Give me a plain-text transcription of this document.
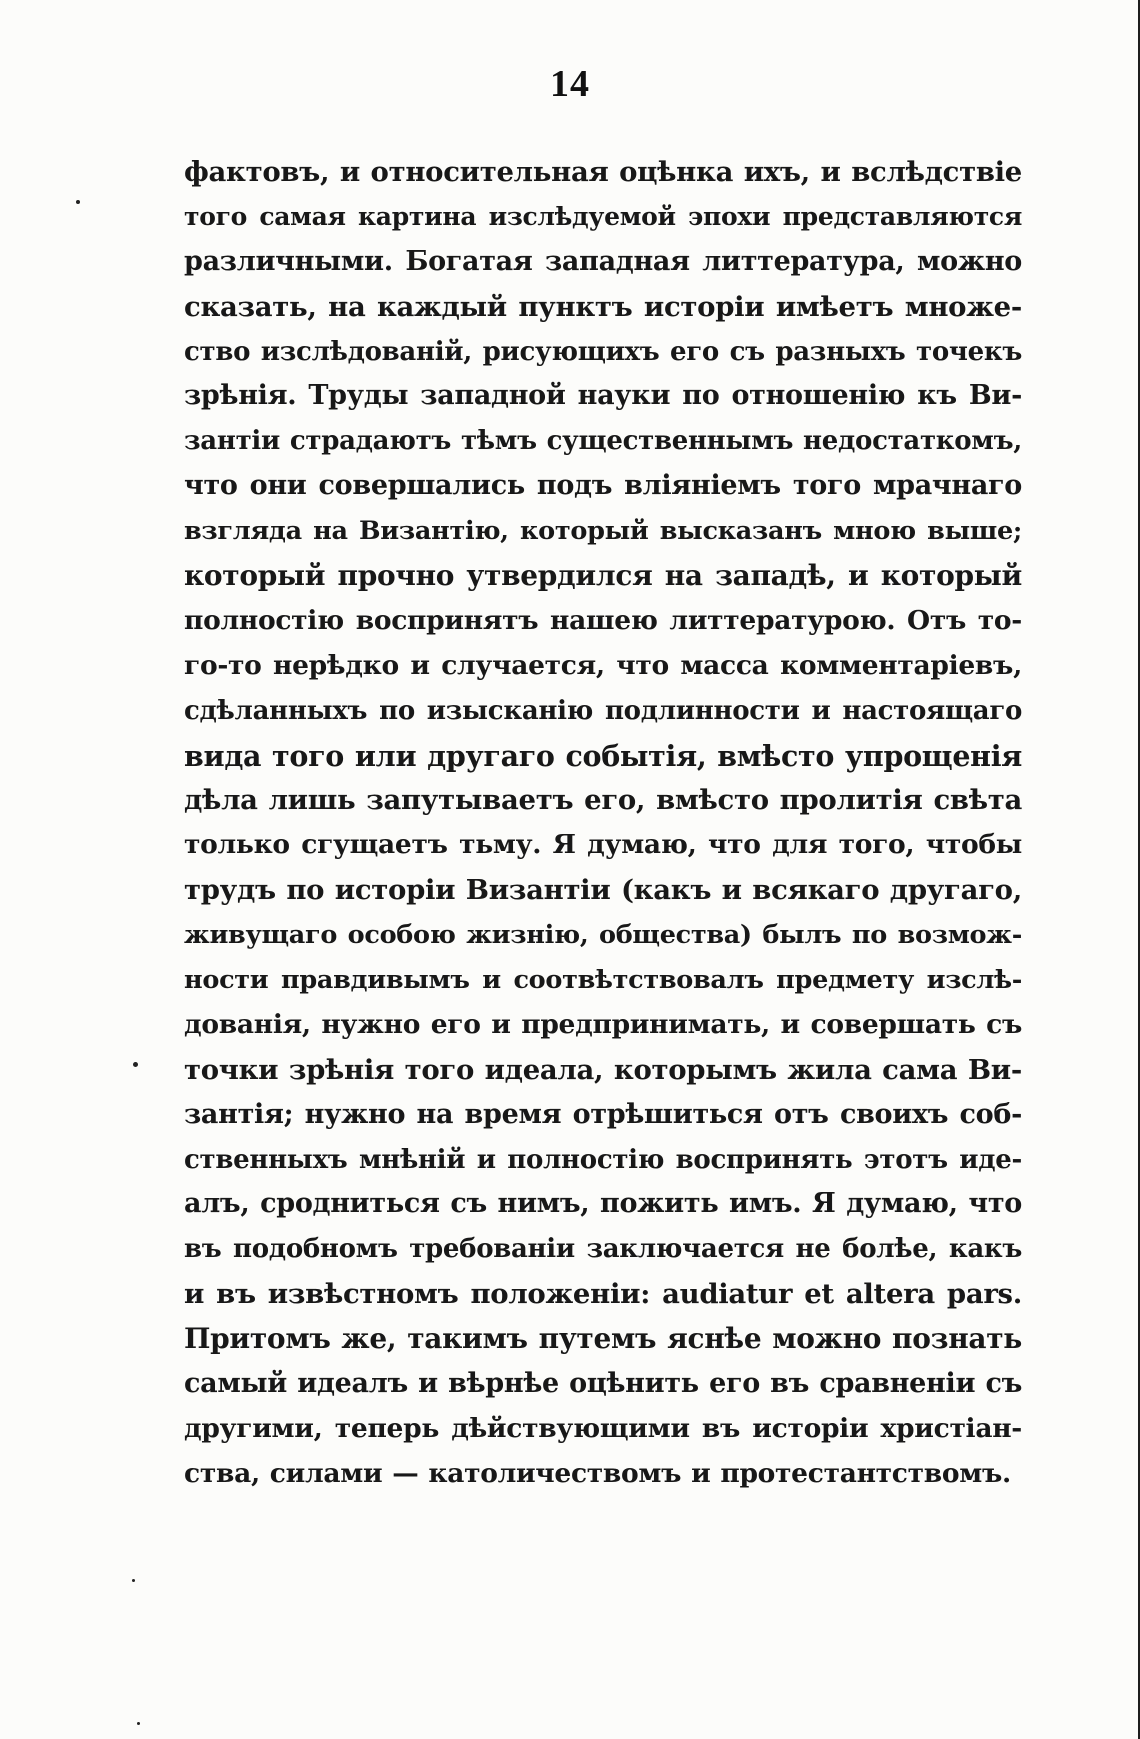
14
фактовъ, и относительная оцѣнка ихъ, и вслѣдствіе
того самая картина изслѣдуемой эпохи представляются
различными. Богатая западная литтература, можно
сказать, на каждый пунктъ исторіи имѣетъ множе-
ство изслѣдованій, рисующихъ его съ разныхъ точекъ
зрѣнія. Труды западной науки по отношенію къ Ви-
зантіи страдаютъ тѣмъ существеннымъ недостаткомъ,
что они совершались подъ вліяніемъ того мрачнаго
взгляда на Византію, который высказанъ мною выше;
который прочно утвердился на западѣ, и который
полностію воспринятъ нашею литтературою. Отъ то-
го-то нерѣдко и случается, что масса комментаріевъ,
сдѣланныхъ по изысканію подлинности и настоящаго
вида того или другаго событія, вмѣсто упрощенія
дѣла лишь запутываетъ его, вмѣсто пролитія свѣта
только сгущаетъ тьму. Я думаю, что для того, чтобы
трудъ по исторіи Византіи (какъ и всякаго другаго,
живущаго особою жизнію, общества) былъ по возмож-
ности правдивымъ и соотвѣтствовалъ предмету изслѣ-
дованія, нужно его и предпринимать, и совершать съ
точки зрѣнія того идеала, которымъ жила сама Ви-
зантія; нужно на время отрѣшиться отъ своихъ соб-
ственныхъ мнѣній и полностію воспринять этотъ иде-
алъ, сродниться съ нимъ, пожить имъ. Я думаю, что
въ подобномъ требованіи заключается не болѣе, какъ
и въ извѣстномъ положеніи: audiatur et altera pars.
Притомъ же, такимъ путемъ яснѣе можно познать
самый идеалъ и вѣрнѣе оцѣнить его въ сравненіи съ
другими, теперь дѣйствующими въ исторіи христіан-
ства, силами — католичествомъ и протестантствомъ.
